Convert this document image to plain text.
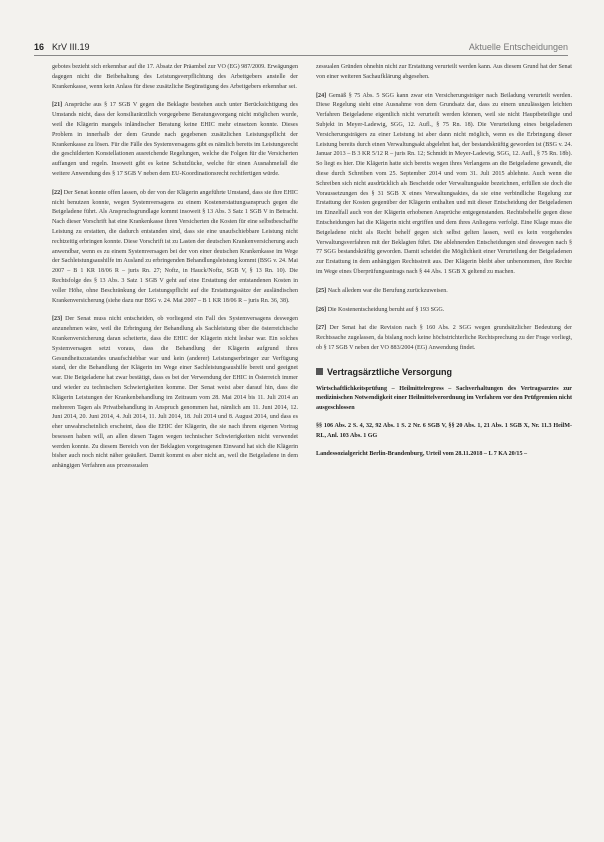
16 KrV III.19	Aktuelle Entscheidungen

gebotes bezieht sich erkennbar auf die 17. Absatz der Präambel zur VO (EG) 987/2009. Erwägungen dagegen nicht die Beibehaltung des Leistungsverpflichtung des Arbeitgebers anstelle der Krankenkasse, wenn kein Anlass für diese zusätzliche Begünstigung des Arbeitgebers erkennbar sei.

[21] Ansprüche aus § 17 SGB V gegen die Beklagte bestehen auch unter Berücksichtigung des Umstands nicht, dass der konsiliarärztlich vorgegebene Beratungsvorgang nicht möglichen wurde, weil die Klägerin mangels inländischer Beratung keine EHIC mehr einsetzen konnte. Dieses Problem in innerhalb der dem Grunde nach gegebenen zusätzlichen Leistungspflicht der Krankenkasse zu lösen. Für die Fälle des Systemversagens gibt es nämlich bereits im Leistungsrecht die geschilderten Konstellationen ausreichende Regelungen, welche die Folgen für die Versicherten auffangen und regeln. Insoweit gibt es keine Schutzlücke, welche für einen Ausnahmefall die weitere Anwendung des § 17 SGB V neben dem EU-Koordinationsrecht rechtfertigen würde.

[22] Der Senat konnte offen lassen, ob der von der Klägerin angeführte Umstand, dass sie ihre EHIC nicht benutzen konnte, wegen Systemversagens zu einem Kostenerstattungsanspruch gegen die Beigeladene führt. Als Anspruchsgrundlage kommt insoweit § 13 Abs. 3 Satz 1 SGB V in Betracht. Nach dieser Vorschrift hat eine Krankenkasse ihren Versicherten die Kosten für eine selbstbeschaffte Leistung zu erstatten, die dadurch entstanden sind, dass sie eine unaufschiebbare Leistung nicht rechtzeitig erbringen konnte. Diese Vorschrift ist zu Lasten der deutschen Krankenversicherung auch anwendbar, wenn es zu einem Systemversagen bei der von einer deutschen Krankenkasse im Wege der Sachleistungsaushilfe im Ausland zu erbringenden Behandlungsleistung kommt (BSG v. 24. Mai 2007 – B 1 KR 18/06 R – juris Rn. 27; Noftz, in Hauck/Noftz, SGB V, § 13 Rn. 10). Die Rechtsfolge des § 13 Abs. 3 Satz 1 SGB V geht auf eine Erstattung der entstandenen Kosten in voller Höhe, ohne Beschränkung der Leistungspflicht auf die Erstattungssätze der ausländischen Krankenversicherung (siehe dazu nur BSG v. 24. Mai 2007 – B 1 KR 18/06 R – juris Rn. 36, 38).

[23] Der Senat muss nicht entscheiden, ob vorliegend ein Fall des Systemversagens deswegen anzunehmen wäre, weil die Erbringung der Behandlung als Sachleistung über die österreichische Krankenversicherung daran scheiterte, dass die EHIC der Klägerin nicht lesbar war. Ein solches Systemversagen setzt voraus, dass die Behandlung der Klägerin aufgrund ihres Gesundheitszustandes unaufschiebbar war und kein (anderer) Leistungserbringer zur Verfügung stand, der die Behandlung der Klägerin im Wege einer Sachleistungsaushilfe bereit und geeignet war. Die Beigeladene hat zwar bestätigt, dass es bei der Verwendung der EHIC in Österreich immer und wieder zu technischen Schwierigkeiten komme. Der Senat weist aber darauf hin, dass die Klägerin Leistungen der Krankenbehandlung im Zeitraum vom 28. Mai 2014 bis 11. Juli 2014 an mehreren Tagen als Privatbehandlung in Anspruch genommen hat, nämlich am 11. Juni 2014, 12. Juni 2014, 20. Juni 2014, 4. Juli 2014, 11. Juli 2014, 18. Juli 2014 und 8. August 2014, und dass es eher unwahrscheinlich erscheint, dass die EHIC der Klägerin, die sie nach ihrem eigenen Vortrag besessen haben will, an allen diesen Tagen wegen technischer Schwierigkeiten nicht verwendet werden konnte. Zu diesem Bereich von der Beklagten vorgetragenen Einwand hat sich die Klägerin bisher auch noch nicht näher geäußert. Damit kommt es aber nicht an, weil die Beigeladene in dem anhängigen Verfahren aus prozessualen

zessualen Gründen ohnehin nicht zur Erstattung verurteilt werden kann. Aus diesem Grund hat der Senat von einer weiteren Sachaufklärung abgesehen.

[24] Gemäß § 75 Abs. 5 SGG kann zwar ein Versicherungsträger nach Beiladung verurteilt werden. Diese Regelung sieht eine Ausnahme von dem Grundsatz dar, dass zu einem unzulässigen leichten Verfahren Beigeladene eigentlich nicht verurteilt werden können, weil sie nicht Hauptbeteiligte und Subjekt in Meyer-Ladewig, SGG, 12. Aufl., § 75 Rn. 18). Die Verurteilung eines beigeladenen Versicherungsträgers zu einer Leistung ist aber dann nicht möglich, wenn es die Erbringung dieser Leistung bereits durch einen Verwaltungsakt abgelehnt hat, der bestandskräftig geworden ist (BSG v. 24. Januar 2013 – B 3 KR 5/12 R – juris Rn. 12; Schmidt in Meyer-Ladewig, SGG, 12. Aufl., § 75 Rn. 18b). So liegt es hier. Die Klägerin hatte sich bereits wegen ihres Verlangens an die Beigeladene gewandt, die diese durch Schreiben vom 25. September 2014 und vom 31. Juli 2015 ablehnte. Auch wenn die Schreiben sich nicht ausdrücklich als Bescheide oder Verwaltungsakte bezeichnen, erfüllen sie doch die Voraussetzungen des § 31 SGB X eines Verwaltungsaktes, da sie eine verbindliche Regelung zur Erstattung der Kosten gegenüber der Klägerin enthalten und mit dieser Entscheidung der Beigeladenen im Einzelfall auch von der Klägerin erhobenen Ansprüche entgegenstanden. Rechtsbehelfe gegen diese Entscheidungen hat die Klägerin nicht ergriffen und dem ihres Anliegens verfolgt. Eine Klage muss die Beigeladene nicht als Recht behelf gegen sich selbst gelten lassen, weil es kein vorgehendes Verwaltungsverfahren mit der Beklagten führt. Die ablehnenden Entscheidungen sind deswegen nach § 77 SGG bestandskräftig geworden. Damit scheidet die Möglichkeit einer Verurteilung der Beigeladenen zur Erstattung in dem anhängigen Rechtsstreit aus. Der Klägerin bleibt aber unbenommen, ihre Rechte im Wege eines Überprüfungsantrags nach § 44 Abs. 1 SGB X geltend zu machen.

[25] Nach alledem war die Berufung zurückzuweisen.

[26] Die Kostenentscheidung beruht auf § 193 SGG.

[27] Der Senat hat die Revision nach § 160 Abs. 2 SGG wegen grundsätzlicher Bedeutung der Rechtssache zugelassen, da bislang noch keine höchstrichterliche Rechtsprechung zu der Frage vorliegt, ob § 17 SGB V neben der VO 883/2004 (EG) Anwendung findet.

Vertragsärztliche Versorgung
Wirtschaftlichkeitsprüfung – Heilmittelregress – Sachverhaltungen des Vertragsarztes zur medizinischen Notwendigkeit einer Heilmittelverordnung im Verfahren vor den Prüfgremien nicht ausgeschlossen
§§ 106 Abs. 2 S. 4, 32, 92 Abs. 1 S. 2 Nr. 6 SGB V, §§ 20 Abs. 1, 21 Abs. 1 SGB X, Nr. 11.3 HeilM-RL, Anl. 103 Abs. 1 GG
Landessozialgericht Berlin-Brandenburg, Urteil vom 28.11.2018 – L 7 KA 20/15 –
